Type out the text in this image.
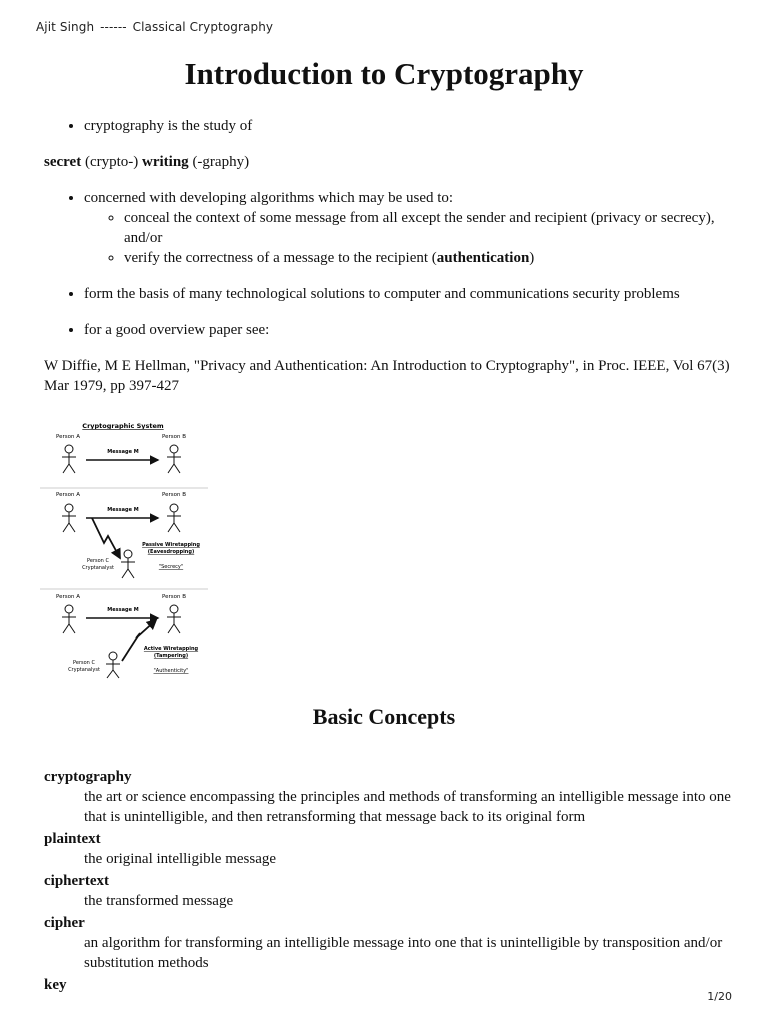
Ajit Singh ------ Classical Cryptography
Introduction to Cryptography
• cryptography is the study of

secret (crypto-) writing (-graphy)

• concerned with developing algorithms which may be used to:
◦ conceal the context of some message from all except the sender and recipient (privacy or secrecy), and/or
◦ verify the correctness of a message to the recipient (authentication)
• form the basis of many technological solutions to computer and communications security problems
• for a good overview paper see:

W Diffie, M E Hellman, "Privacy and Authentication: An Introduction to Cryptography", in Proc. IEEE, Vol 67(3) Mar 1979, pp 397-427

Cryptographic System
Person A	Person B
Message M
Person A	Person B
Message M
Person C
Cryptanalyst
Passive Wiretapping
(Eavesdropping)
"Secrecy"
Person A	Person B
Message M
Person C
Cryptanalyst
Active Wiretapping
(Tampering)
"Authenticity"
Basic Concepts
cryptography
the art or science encompassing the principles and methods of transforming an intelligible message into one that is unintelligible, and then retransforming that message back to its original form
plaintext
the original intelligible message
ciphertext
the transformed message
cipher
an algorithm for transforming an intelligible message into one that is unintelligible by transposition and/or substitution methods
key
1/20
